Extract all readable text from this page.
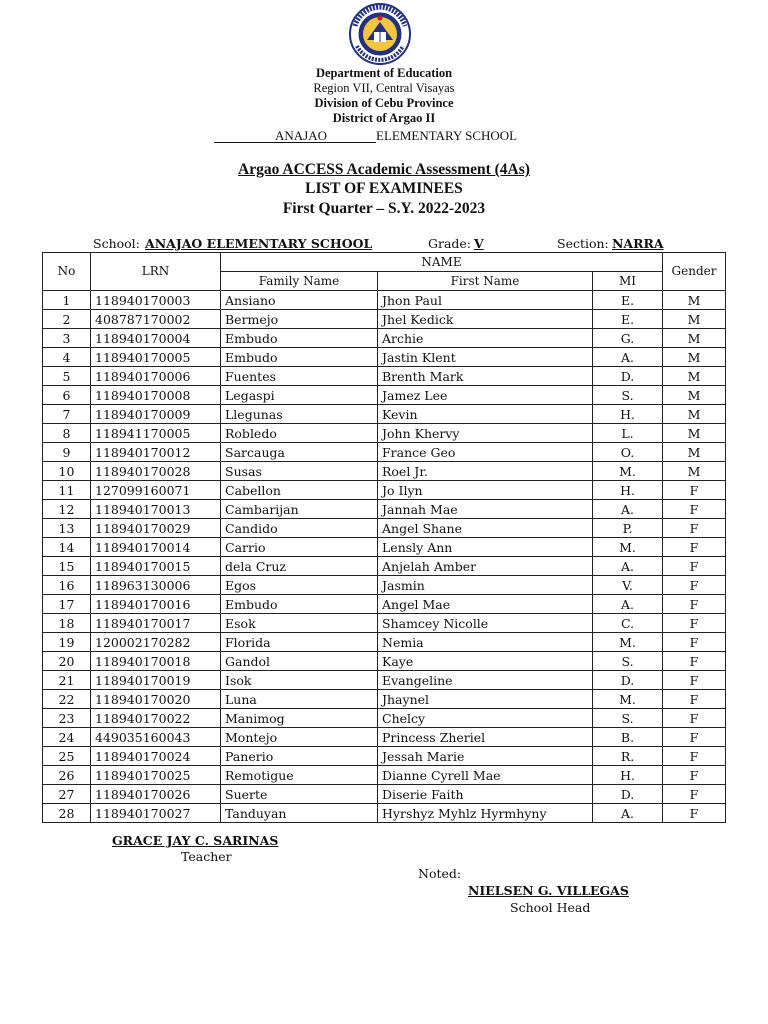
Department of Education
Region VII, Central Visayas
Division of Cebu Province
District of Argao II
ANAJAO	ELEMENTARY SCHOOL
Argao ACCESS Academic Assessment (4As)
LIST OF EXAMINEES
First Quarter – S.Y. 2022-2023
School: ANAJAO ELEMENTARY SCHOOL	Grade: V	Section: NARRA
No	LRN	NAME			Gender
		Family Name	First Name	MI	
1	118940170003	Ansiano	Jhon Paul	E.	M
2	408787170002	Bermejo	Jhel Kedick	E.	M
3	118940170004	Embudo	Archie	G.	M
4	118940170005	Embudo	Jastin Klent	A.	M
5	118940170006	Fuentes	Brenth Mark	D.	M
6	118940170008	Legaspi	Jamez Lee	S.	M
7	118940170009	Llegunas	Kevin	H.	M
8	118941170005	Robledo	John Khervy	L.	M
9	118940170012	Sarcauga	France Geo	O.	M
10	118940170028	Susas	Roel Jr.	M.	M
11	127099160071	Cabellon	Jo Ilyn	H.	F
12	118940170013	Cambarijan	Jannah Mae	A.	F
13	118940170029	Candido	Angel Shane	P.	F
14	118940170014	Carrio	Lensly Ann	M.	F
15	118940170015	dela Cruz	Anjelah Amber	A.	F
16	118963130006	Egos	Jasmin	V.	F
17	118940170016	Embudo	Angel Mae	A.	F
18	118940170017	Esok	Shamcey Nicolle	C.	F
19	120002170282	Florida	Nemia	M.	F
20	118940170018	Gandol	Kaye	S.	F
21	118940170019	Isok	Evangeline	D.	F
22	118940170020	Luna	Jhaynel	M.	F
23	118940170022	Manimog	Chelcy	S.	F
24	449035160043	Montejo	Princess Zheriel	B.	F
25	118940170024	Panerio	Jessah Marie	R.	F
26	118940170025	Remotigue	Dianne Cyrell Mae	H.	F
27	118940170026	Suerte	Diserie Faith	D.	F
28	118940170027	Tanduyan	Hyrshyz Myhlz Hyrmhyny	A.	F
GRACE JAY C. SARINAS
Teacher
Noted:
NIELSEN G. VILLEGAS
School Head
